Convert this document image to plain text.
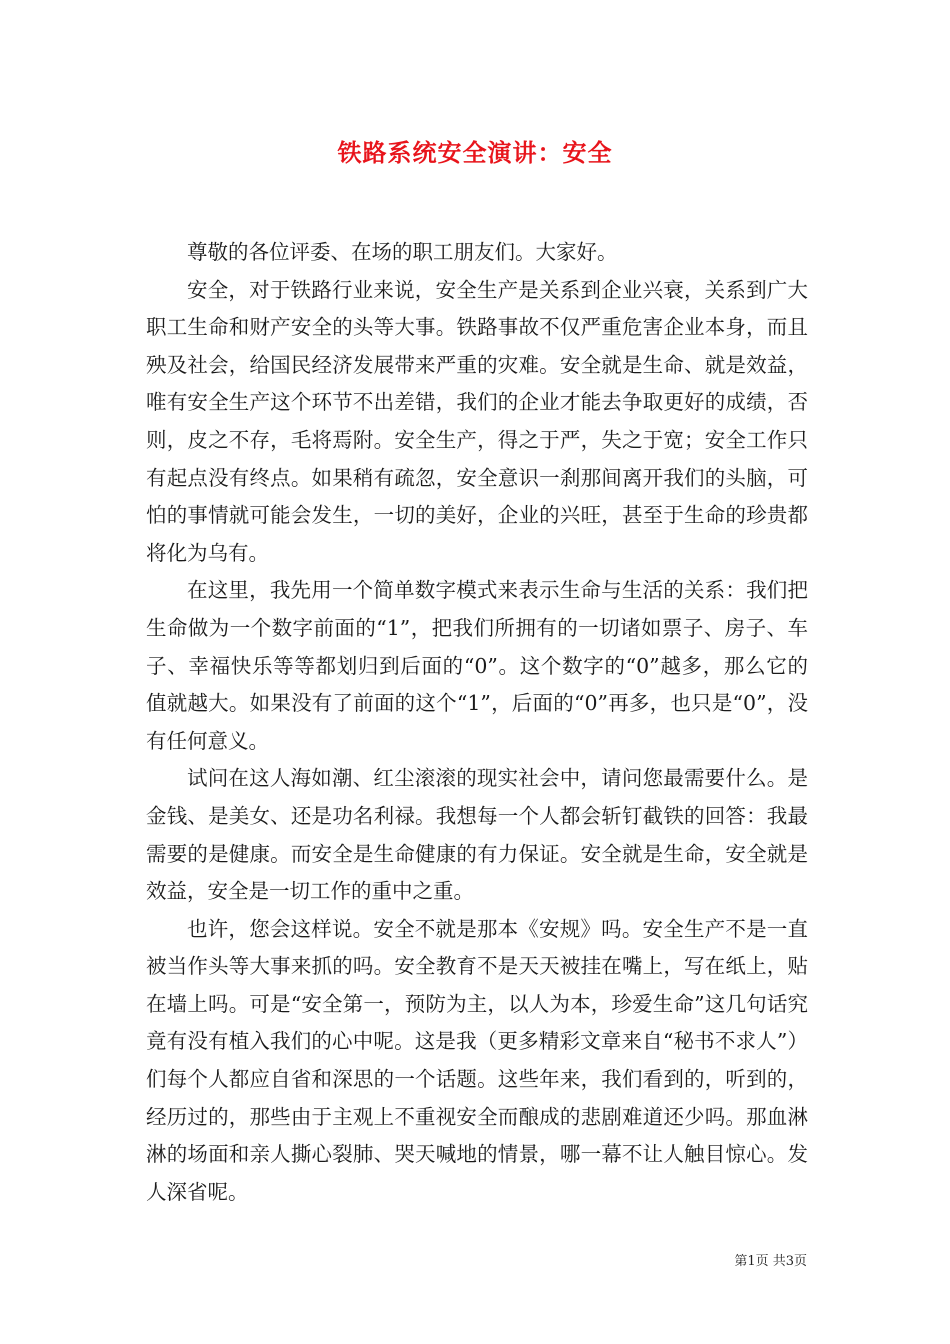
铁路系统安全演讲：安全

尊敬的各位评委、在场的职工朋友们。大家好。

安全，对于铁路行业来说，安全生产是关系到企业兴衰，关系到广大职工生命和财产安全的头等大事。铁路事故不仅严重危害企业本身，而且殃及社会，给国民经济发展带来严重的灾难。安全就是生命、就是效益，唯有安全生产这个环节不出差错，我们的企业才能去争取更好的成绩，否则，皮之不存，毛将焉附。安全生产，得之于严，失之于宽；安全工作只有起点没有终点。如果稍有疏忽，安全意识一刹那间离开我们的头脑，可怕的事情就可能会发生，一切的美好，企业的兴旺，甚至于生命的珍贵都将化为乌有。

在这里，我先用一个简单数字模式来表示生命与生活的关系：我们把生命做为一个数字前面的“1”，把我们所拥有的一切诸如票子、房子、车子、幸福快乐等等都划归到后面的“0”。这个数字的“0”越多，那么它的值就越大。如果没有了前面的这个“1”，后面的“0”再多，也只是“0”，没有任何意义。

试问在这人海如潮、红尘滚滚的现实社会中，请问您最需要什么。是金钱、是美女、还是功名利禄。我想每一个人都会斩钉截铁的回答：我最需要的是健康。而安全是生命健康的有力保证。安全就是生命，安全就是效益，安全是一切工作的重中之重。

也许，您会这样说。安全不就是那本《安规》吗。安全生产不是一直被当作头等大事来抓的吗。安全教育不是天天被挂在嘴上，写在纸上，贴在墙上吗。可是“安全第一，预防为主，以人为本，珍爱生命”这几句话究竟有没有植入我们的心中呢。这是我（更多精彩文章来自“秘书不求人”）们每个人都应自省和深思的一个话题。这些年来，我们看到的，听到的，经历过的，那些由于主观上不重视安全而酿成的悲剧难道还少吗。那血淋淋的场面和亲人撕心裂肺、哭天喊地的情景，哪一幕不让人触目惊心。发人深省呢。

第1页 共3页
